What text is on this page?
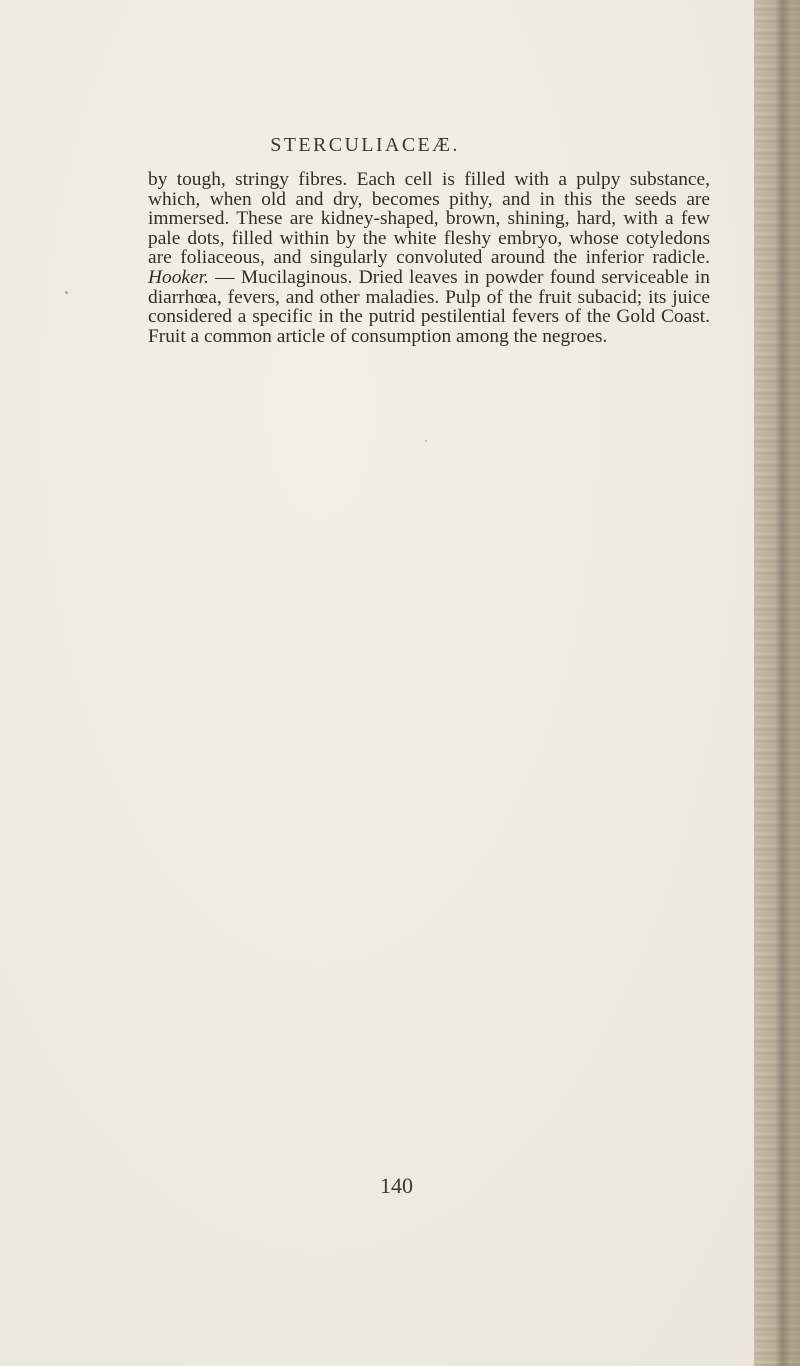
STERCULIACEÆ.

by tough, stringy fibres. Each cell is filled with a pulpy substance,
which, when old and dry, becomes pithy, and in this the seeds are
immersed. These are kidney-shaped, brown, shining, hard, with a few
pale dots, filled within by the white fleshy embryo, whose cotyledons
are foliaceous, and singularly convoluted around the inferior radicle.
Hooker. — Mucilaginous. Dried leaves in powder found serviceable in
diarrhœa, fevers, and other maladies. Pulp of the fruit subacid; its juice
considered a specific in the putrid pestilential fevers of the Gold Coast.
Fruit a common article of consumption among the negroes.

140
